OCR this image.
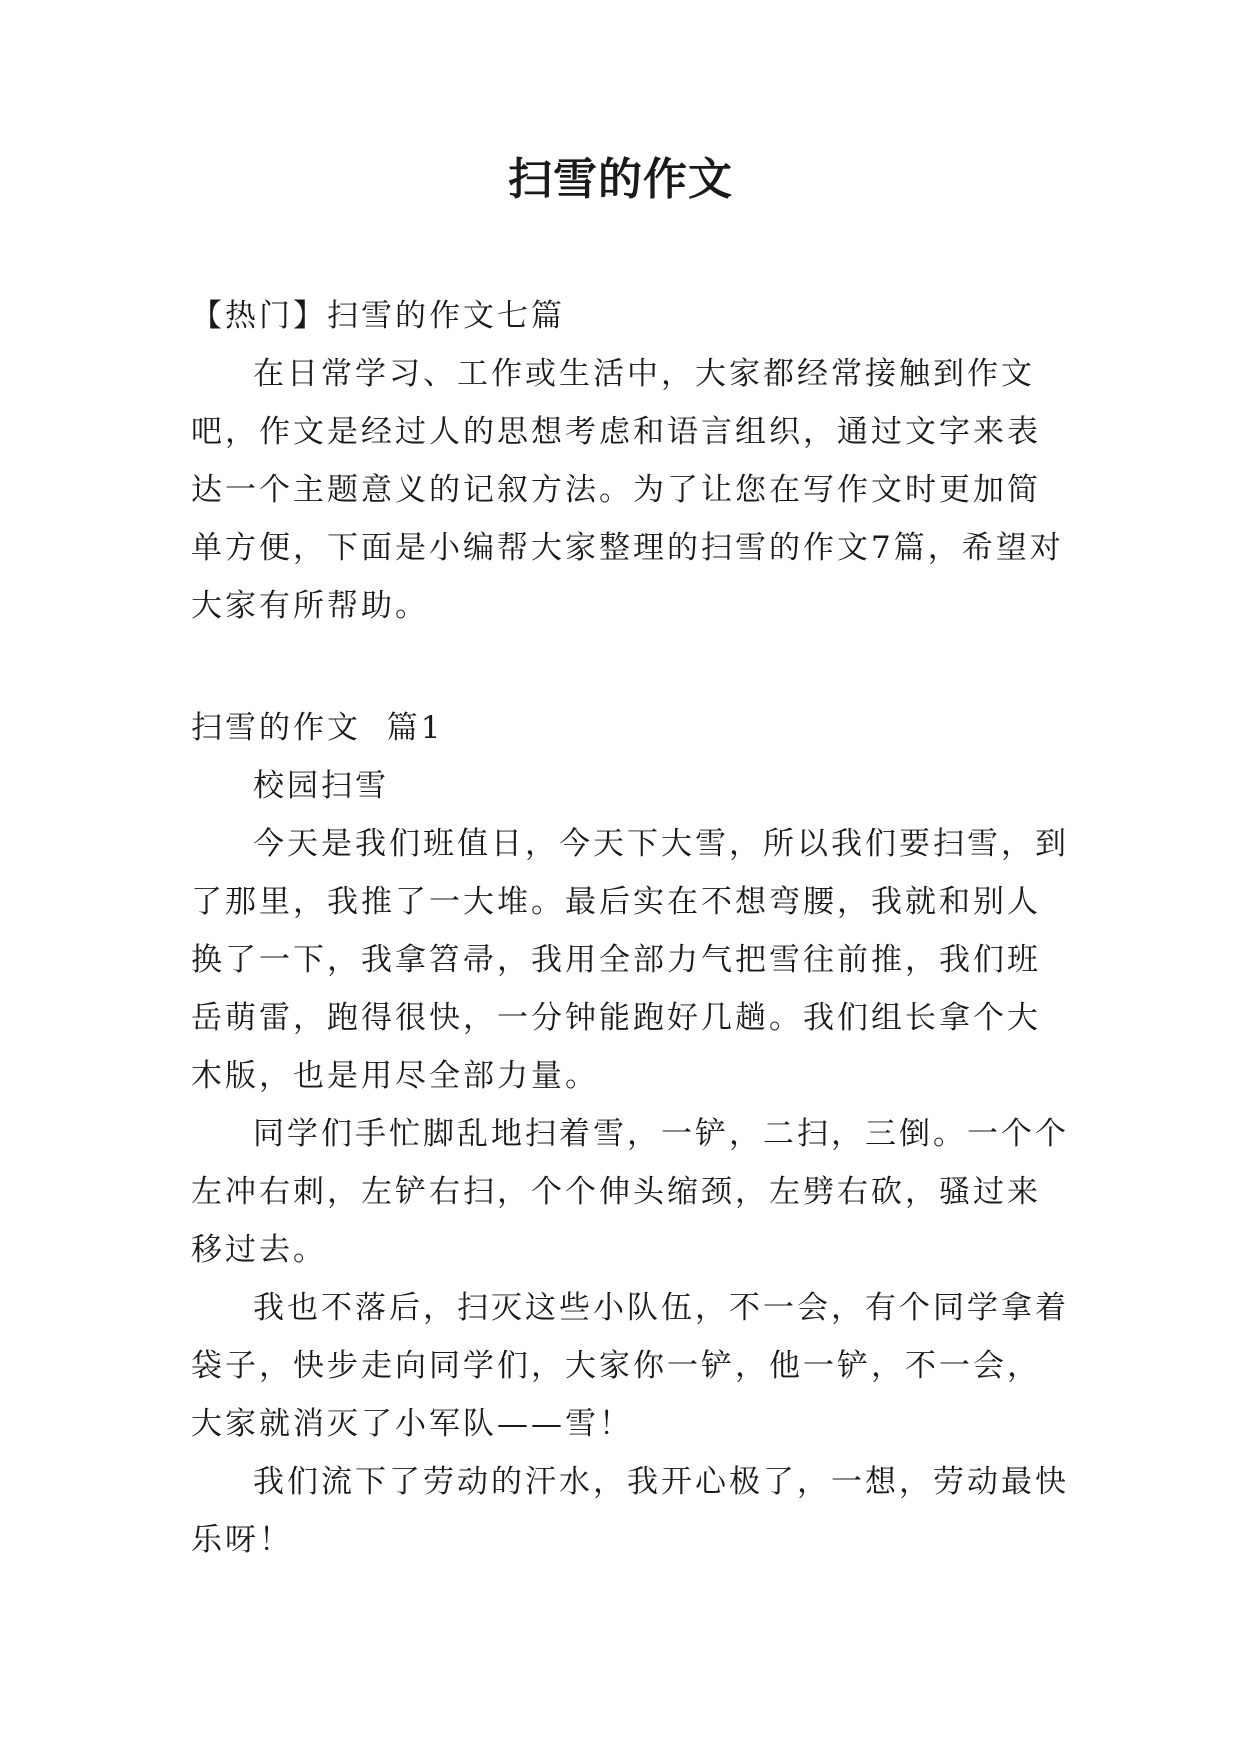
扫雪的作文

【热门】扫雪的作文七篇

在日常学习、工作或生活中，大家都经常接触到作文吧，作文是经过人的思想考虑和语言组织，通过文字来表达一个主题意义的记叙方法。为了让您在写作文时更加简单方便，下面是小编帮大家整理的扫雪的作文7篇，希望对大家有所帮助。

扫雪的作文  篇1

校园扫雪

今天是我们班值日，今天下大雪，所以我们要扫雪，到了那里，我推了一大堆。最后实在不想弯腰，我就和别人换了一下，我拿笤帚，我用全部力气把雪往前推，我们班岳萌雷，跑得很快，一分钟能跑好几趟。我们组长拿个大木版，也是用尽全部力量。

同学们手忙脚乱地扫着雪，一铲，二扫，三倒。一个个左冲右刺，左铲右扫，个个伸头缩颈，左劈右砍，骚过来移过去。

我也不落后，扫灭这些小队伍，不一会，有个同学拿着袋子，快步走向同学们，大家你一铲，他一铲，不一会，大家就消灭了小军队——雪！

我们流下了劳动的汗水，我开心极了，一想，劳动最快乐呀！
